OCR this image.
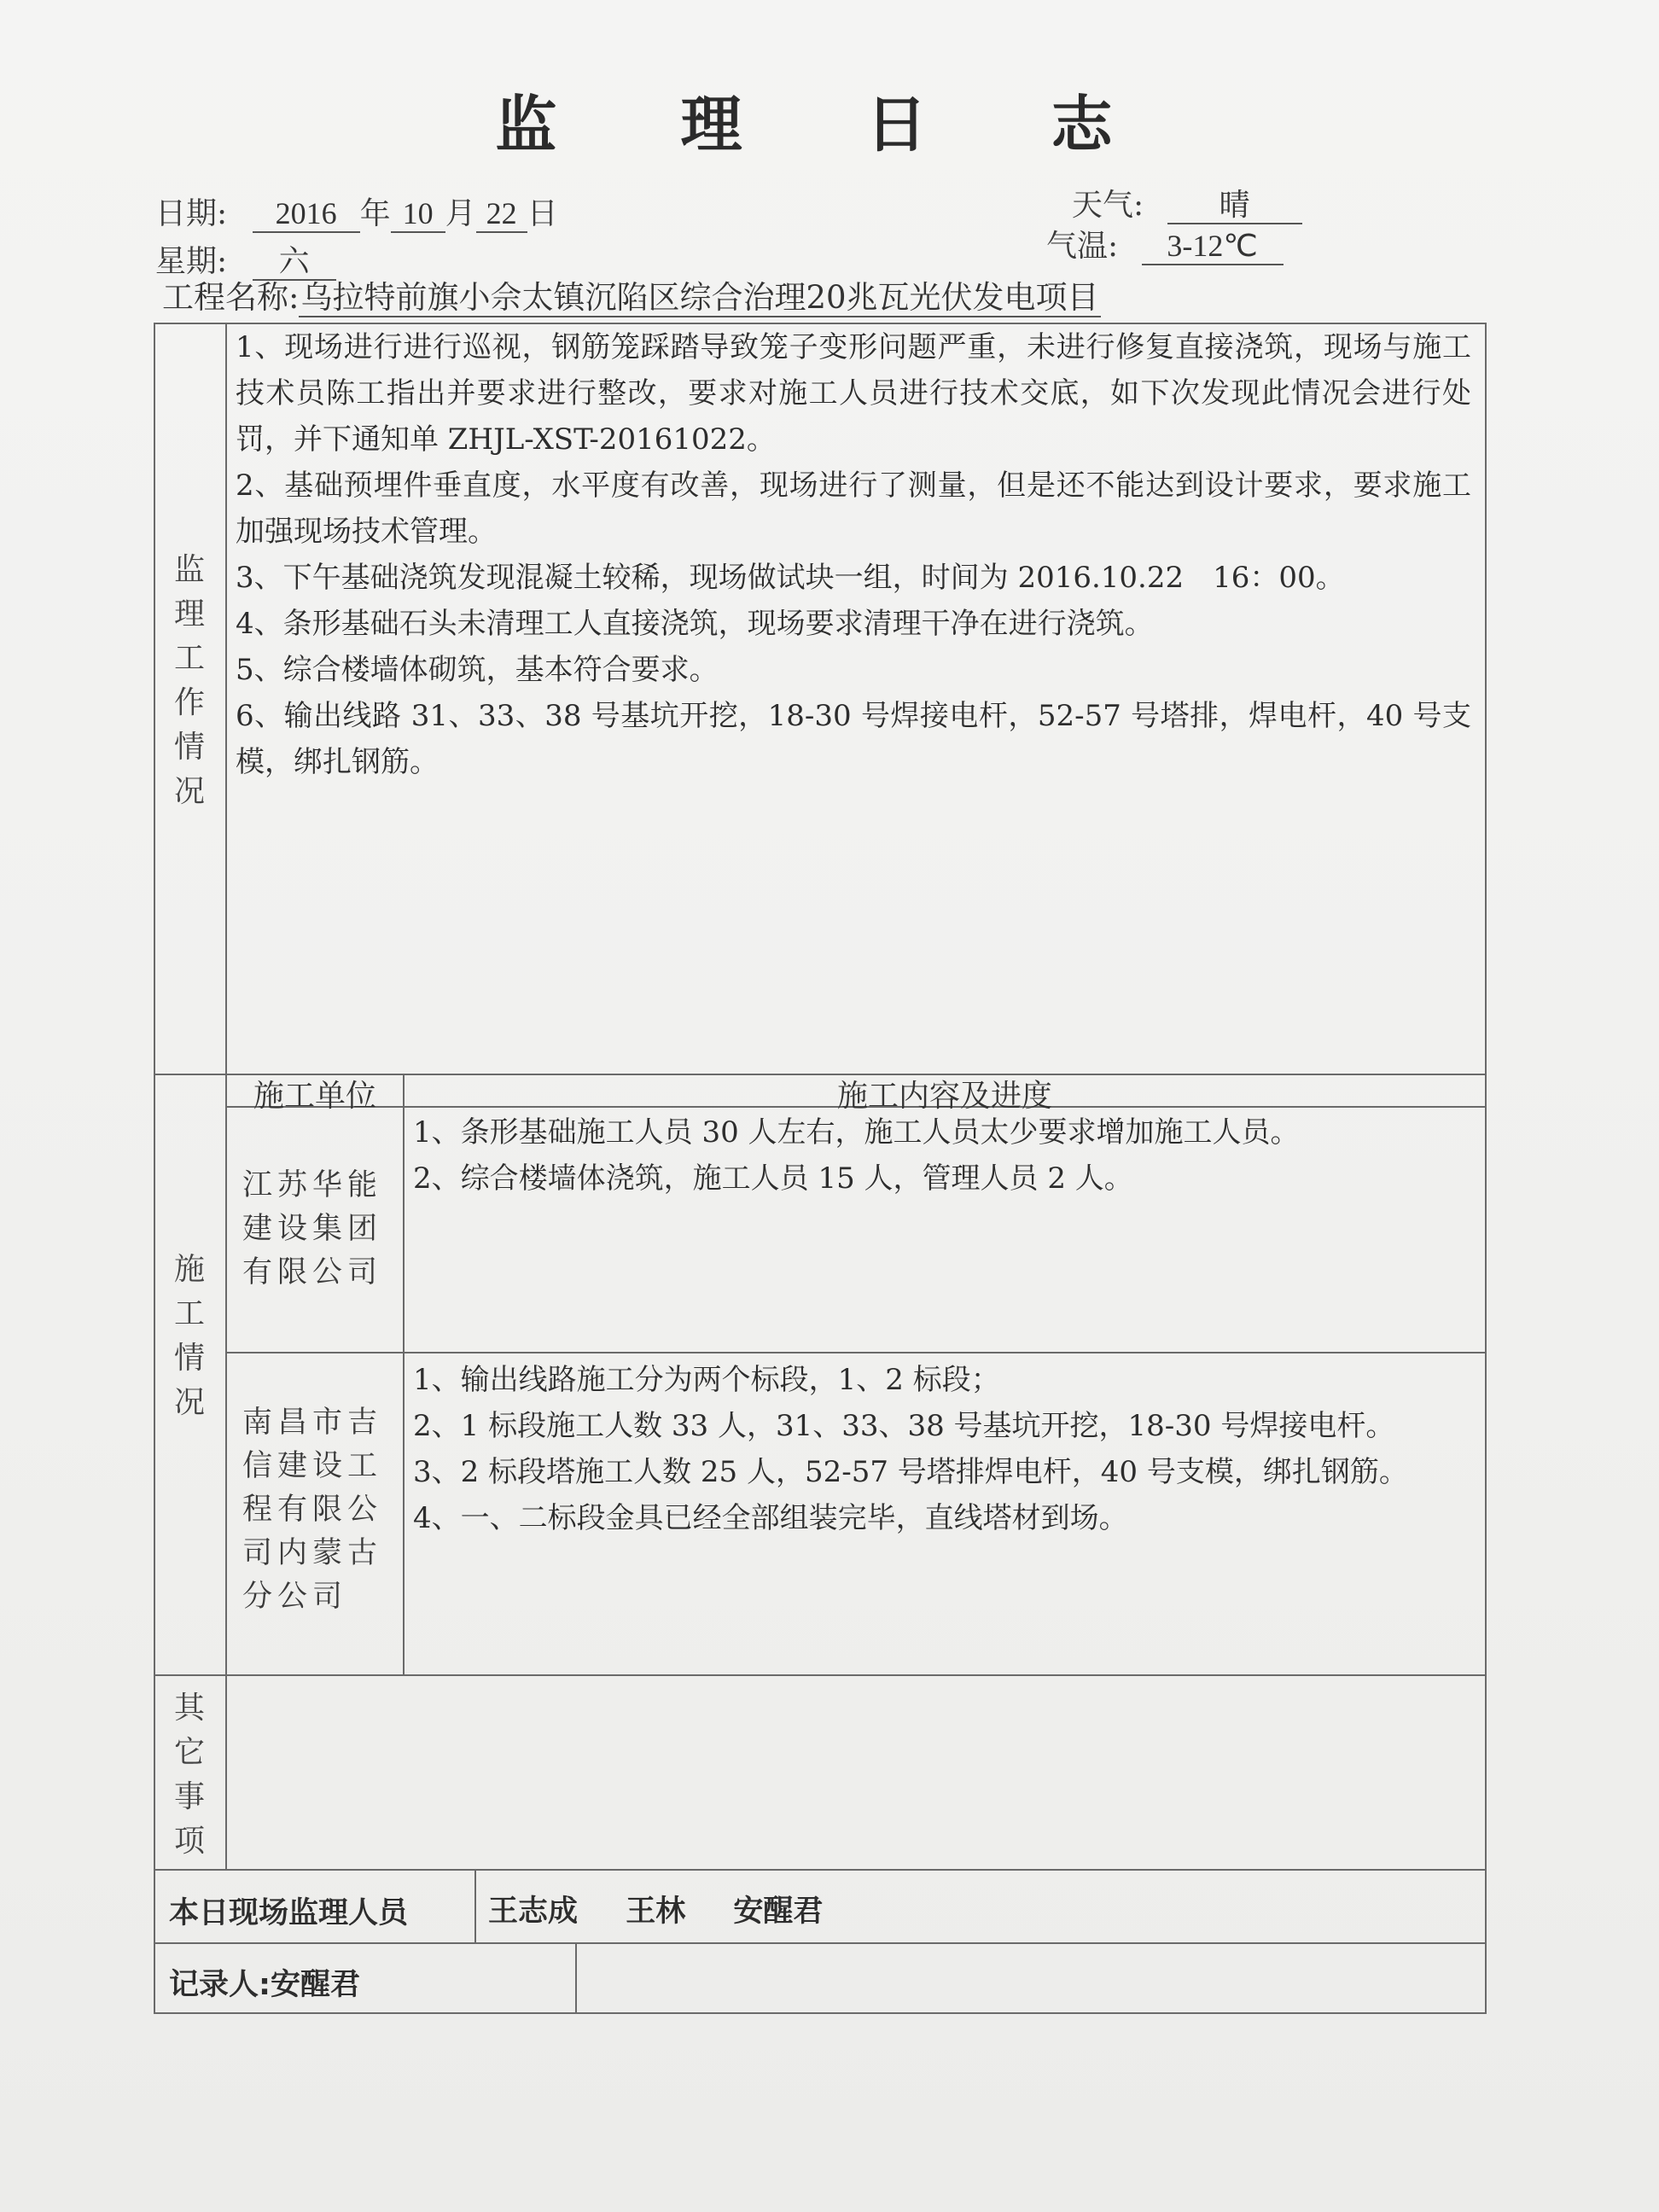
监 理 日 志
日期: 2016 年 10 月 22 日	天气: 晴
星期: 六	气温: 3-12℃
工程名称:乌拉特前旗小佘太镇沉陷区综合治理20兆瓦光伏发电项目
监
理
工
作
情
况

1、现场进行进行巡视，钢筋笼踩踏导致笼子变形问题严重，未进行修复直接浇筑，现场与施工技术员陈工指出并要求进行整改，要求对施工人员进行技术交底，如下次发现此情况会进行处罚，并下通知单 ZHJL-XST-20161022。

2、基础预埋件垂直度，水平度有改善，现场进行了测量，但是还不能达到设计要求，要求施工加强现场技术管理。

3、下午基础浇筑发现混凝土较稀，现场做试块一组，时间为 2016.10.22　16：00。

4、条形基础石头未清理工人直接浇筑，现场要求清理干净在进行浇筑。

5、综合楼墙体砌筑，基本符合要求。

6、输出线路 31、33、38 号基坑开挖，18-30 号焊接电杆，52-57 号塔排，焊电杆，40 号支模，绑扎钢筋。

施
工
情
况
施工单位	施工内容及进度
江苏华能
建设集团
有限公司

1、条形基础施工人员 30 人左右，施工人员太少要求增加施工人员。

2、综合楼墙体浇筑，施工人员 15 人，管理人员 2 人。

南昌市吉
信建设工
程有限公
司内蒙古
分公司

1、输出线路施工分为两个标段，1、2 标段；

2、1 标段施工人数 33 人，31、33、38 号基坑开挖，18-30 号焊接电杆。

3、2 标段塔施工人数 25 人，52-57 号塔排焊电杆，40 号支模，绑扎钢筋。

4、一、二标段金具已经全部组装完毕，直线塔材到场。

其
它
事
项
本日现场监理人员	王志成 王林 安醒君
记录人:安醒君
